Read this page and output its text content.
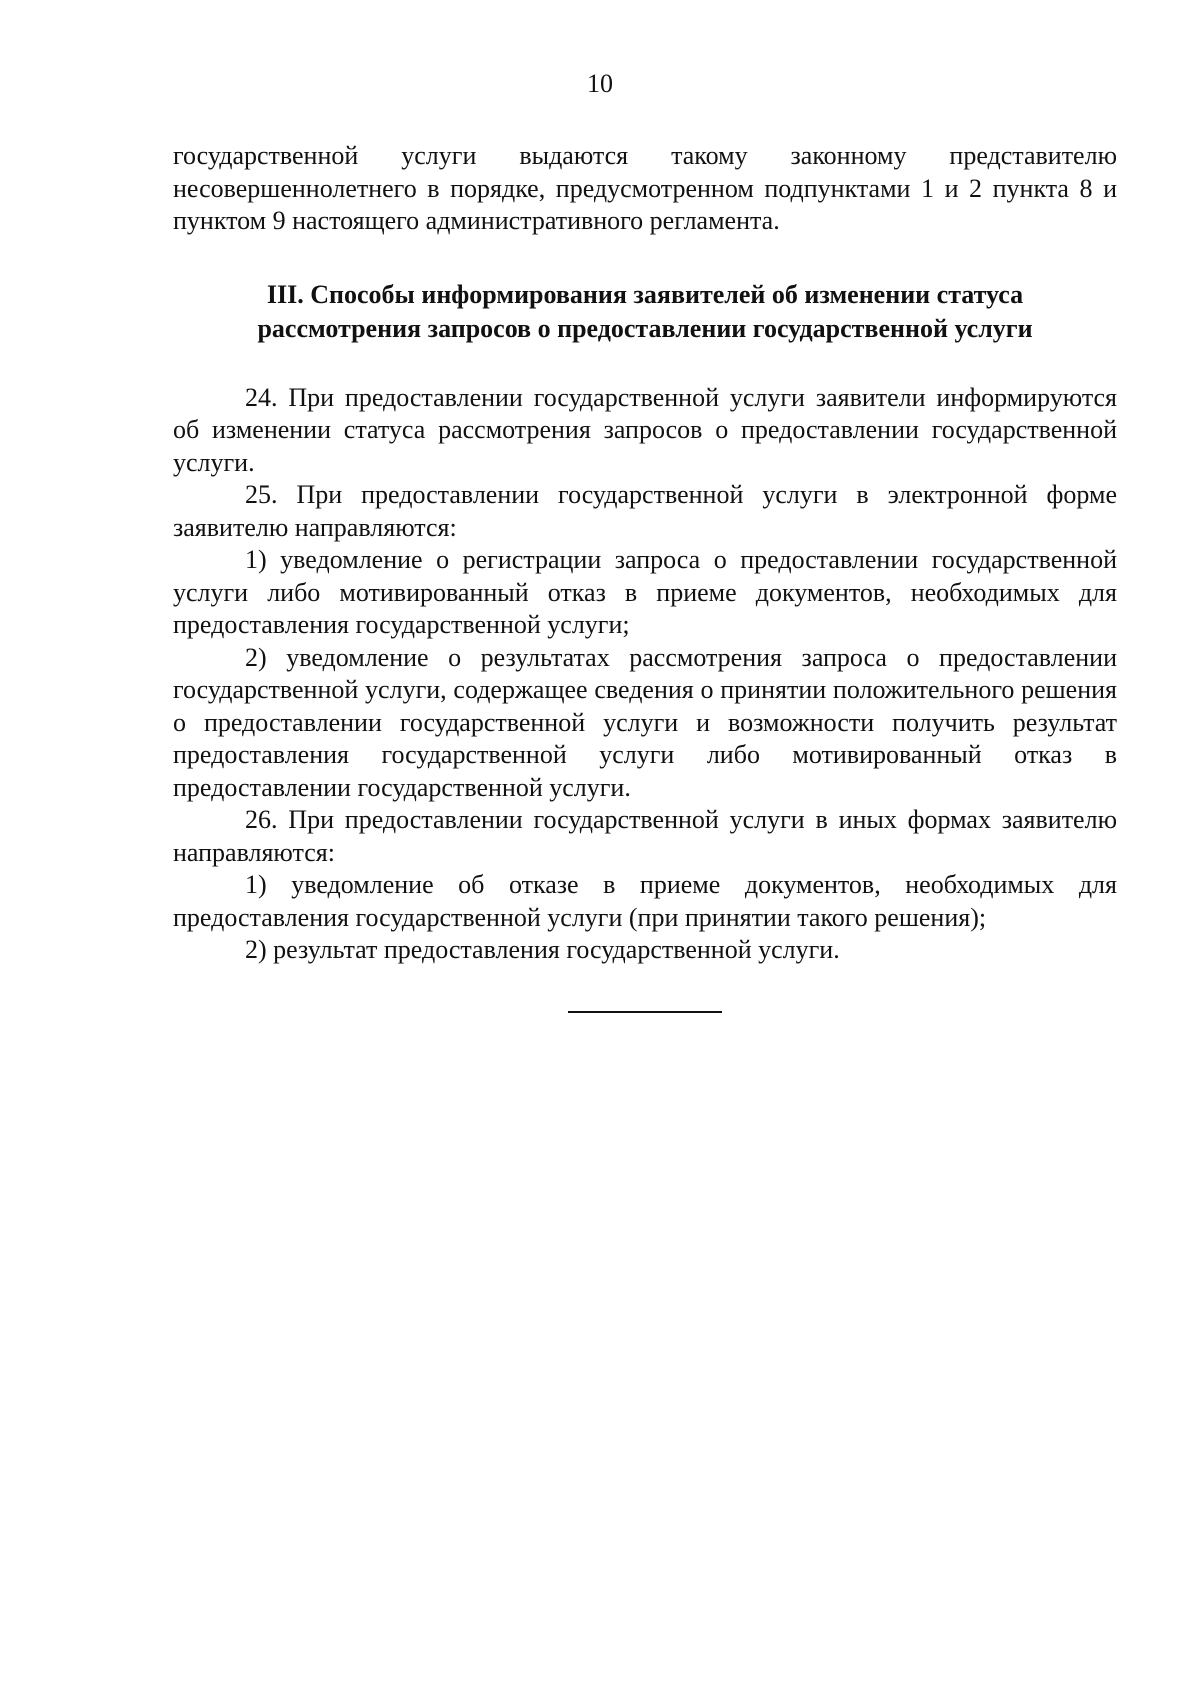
10

государственной услуги выдаются такому законному представителю несовершеннолетнего в порядке, предусмотренном подпунктами 1 и 2 пункта 8 и пунктом 9 настоящего административного регламента.

III. Способы информирования заявителей об изменении статуса рассмотрения запросов о предоставлении государственной услуги

24. При предоставлении государственной услуги заявители информируются об изменении статуса рассмотрения запросов о предоставлении государственной услуги.

25. При предоставлении государственной услуги в электронной форме заявителю направляются:

1) уведомление о регистрации запроса о предоставлении государственной услуги либо мотивированный отказ в приеме документов, необходимых для предоставления государственной услуги;

2) уведомление о результатах рассмотрения запроса о предоставлении государственной услуги, содержащее сведения о принятии положительного решения о предоставлении государственной услуги и возможности получить результат предоставления государственной услуги либо мотивированный отказ в предоставлении государственной услуги.

26. При предоставлении государственной услуги в иных формах заявителю направляются:

1) уведомление об отказе в приеме документов, необходимых для предоставления государственной услуги (при принятии такого решения);

2) результат предоставления государственной услуги.
